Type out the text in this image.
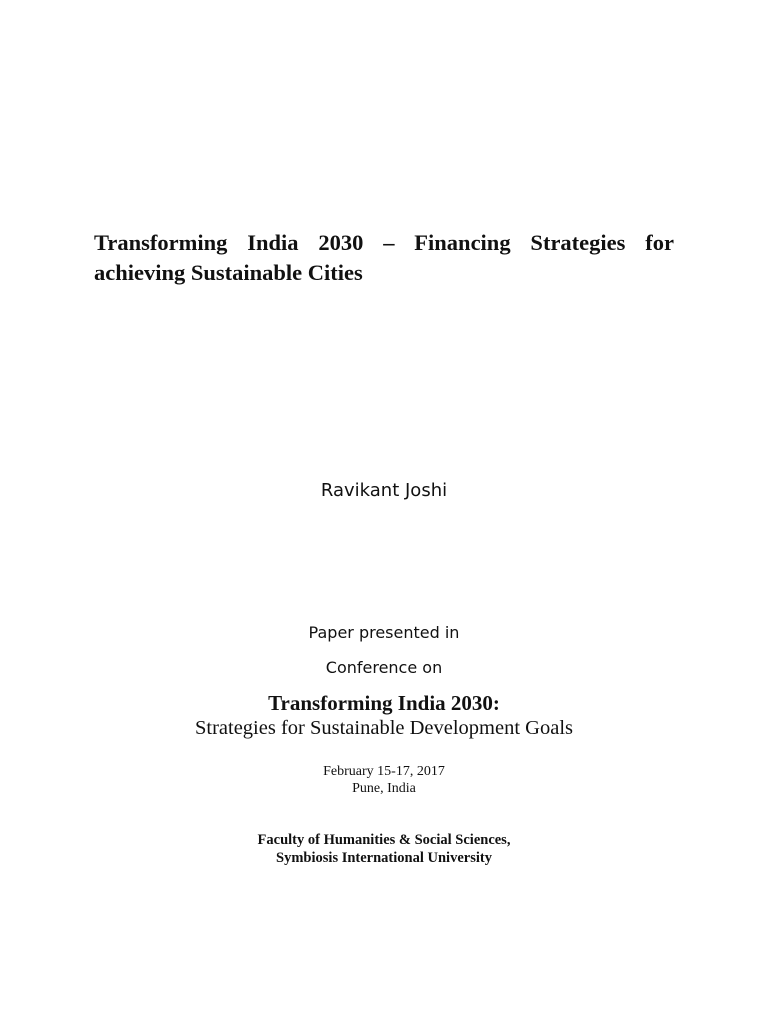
Transforming India 2030 – Financing Strategies for achieving Sustainable Cities

Ravikant Joshi

Paper presented in

Conference on

Transforming India 2030:

Strategies for Sustainable Development Goals

February 15-17, 2017

Pune, India

Faculty of Humanities & Social Sciences,

Symbiosis International University
